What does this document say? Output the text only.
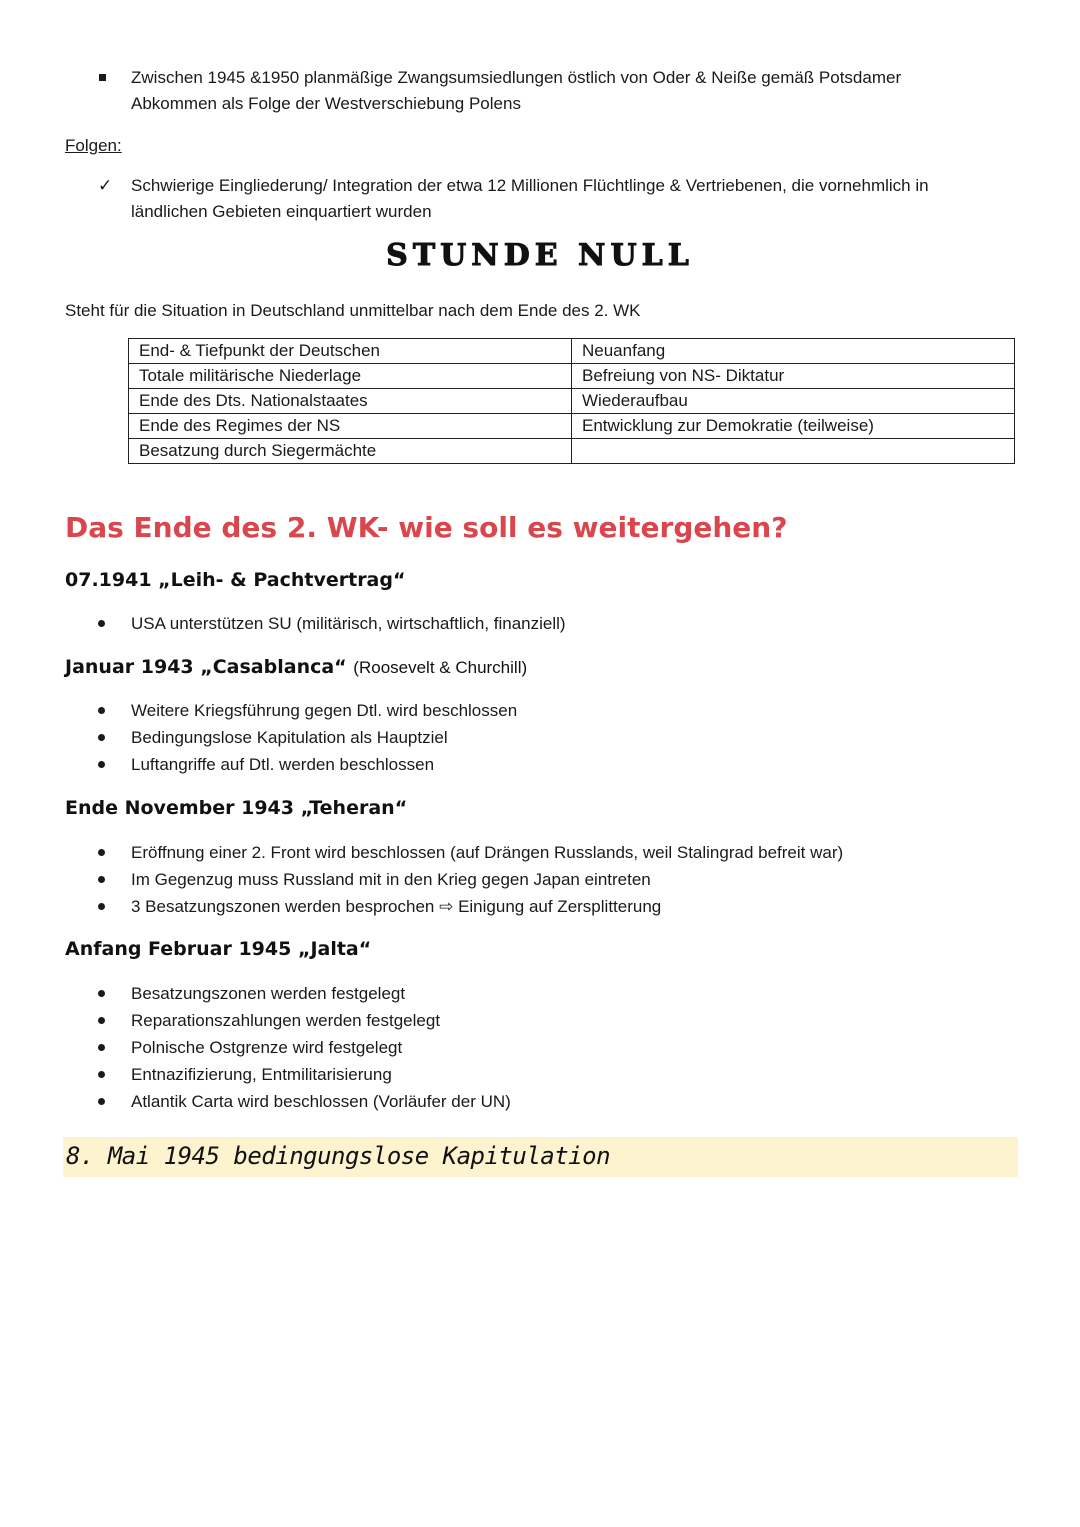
Zwischen 1945 &1950 planmäßige Zwangsumsiedlungen östlich von Oder & Neiße gemäß Potsdamer
Abkommen als Folge der Westverschiebung Polens
Folgen:
✓ Schwierige Eingliederung/ Integration der etwa 12 Millionen Flüchtlinge & Vertriebenen, die vornehmlich in
ländlichen Gebieten einquartiert wurden
STUNDE NULL
Steht für die Situation in Deutschland unmittelbar nach dem Ende des 2. WK
End- & Tiefpunkt der Deutschen	Neuanfang
Totale militärische Niederlage	Befreiung von NS- Diktatur
Ende des Dts. Nationalstaates	Wiederaufbau
Ende des Regimes der NS	Entwicklung zur Demokratie (teilweise)
Besatzung durch Siegermächte	
Das Ende des 2. WK- wie soll es weitergehen?
07.1941 „Leih- & Pachtvertrag“
USA unterstützen SU (militärisch, wirtschaftlich, finanziell)
Januar 1943 „Casablanca“ (Roosevelt & Churchill)
Weitere Kriegsführung gegen Dtl. wird beschlossen
Bedingungslose Kapitulation als Hauptziel
Luftangriffe auf Dtl. werden beschlossen
Ende November 1943 „Teheran“
Eröffnung einer 2. Front wird beschlossen (auf Drängen Russlands, weil Stalingrad befreit war)
Im Gegenzug muss Russland mit in den Krieg gegen Japan eintreten
3 Besatzungszonen werden besprochen ⇨ Einigung auf Zersplitterung
Anfang Februar 1945 „Jalta“
Besatzungszonen werden festgelegt
Reparationszahlungen werden festgelegt
Polnische Ostgrenze wird festgelegt
Entnazifizierung, Entmilitarisierung
Atlantik Carta wird beschlossen (Vorläufer der UN)
8. Mai 1945 bedingungslose Kapitulation
